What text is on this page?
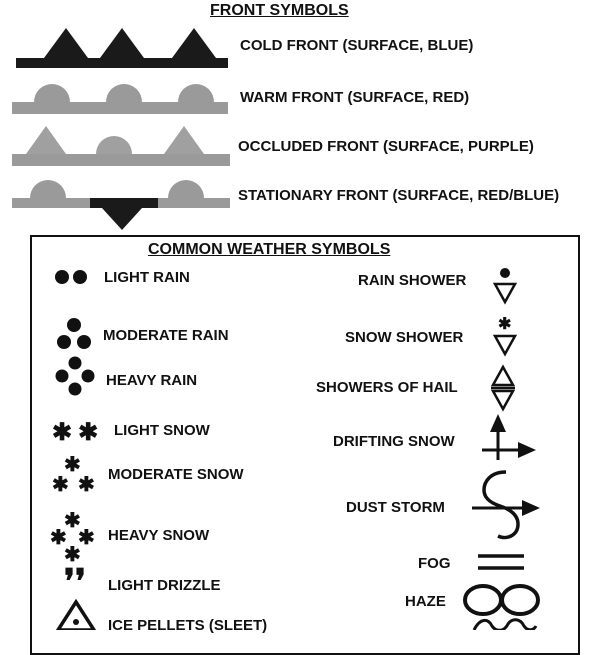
FRONT SYMBOLS
COLD FRONT (SURFACE, BLUE)
WARM FRONT (SURFACE, RED)
OCCLUDED FRONT (SURFACE, PURPLE)
STATIONARY FRONT (SURFACE, RED/BLUE)
COMMON WEATHER SYMBOLS
LIGHT RAIN
MODERATE RAIN
HEAVY RAIN
✱✱ LIGHT SNOW
✱
✱ ✱ MODERATE SNOW
✱
✱ ✱
✱
HEAVY SNOW
❜❜ LIGHT DRIZZLE
ICE PELLETS (SLEET)
RAIN SHOWER
SNOW SHOWER
✱
SHOWERS OF HAIL
DRIFTING SNOW
DUST STORM
FOG
HAZE
